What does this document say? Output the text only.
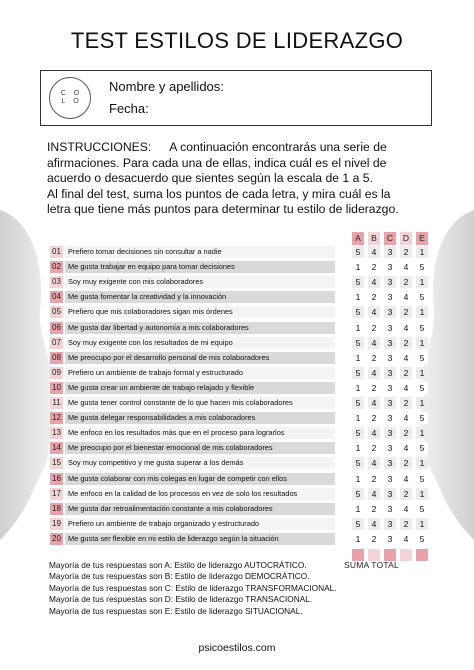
TEST ESTILOS DE LIDERAZGO
C O
L O
Nombre y apellidos:
Fecha:

INSTRUCCIONES: A continuación encontrarás una serie de

afirmaciones. Para cada una de ellas, indica cuál es el nivel de

acuerdo o desacuerdo que sientes según la escala de 1 a 5.

Al final del test, suma los puntos de cada letra, y mira cuál es la

letra que tiene más puntos para determinar tu estilo de liderazgo.

A	B	C	D	E
01 Prefiero tomar decisiones sin consultar a nadie	5	4	3	2	1
02 Me gusta trabajar en equipo para tomar decisiones	1	2	3	4	5
03 Soy muy exigente con mis colaboradores	5	4	3	2	1
04 Me gusta fomentar la creatividad y la innovación	1	2	3	4	5
05 Prefiero que mis colaboradores sigan mis órdenes	5	4	3	2	1
06 Me gusta dar libertad y autonomía a mis colaboradores	1	2	3	4	5
07 Soy muy exigente con los resultados de mi equipo	5	4	3	2	1
08 Me preocupo por el desarrollo personal de mis colaboradores	1	2	3	4	5
09 Prefiero un ambiente de trabajo formal y estructurado	5	4	3	2	1
10 Me gusta crear un ambiente de trabajo relajado y flexible	1	2	3	4	5
11 Me gusta tener control constante de lo que hacen mis colaboradores	5	4	3	2	1
12 Me gusta delegar responsabilidades a mis colaboradores	1	2	3	4	5
13 Me enfoco en los resultados más que en el proceso para lograrlos	5	4	3	2	1
14 Me preocupo por el bienestar emocional de mis colaboradores	1	2	3	4	5
15 Soy muy competitivo y me gusta superar a los demás	5	4	3	2	1
16 Me gusta colaborar con mis colegas en lugar de competir con ellos	1	2	3	4	5
17 Me enfoco en la calidad de los procesos en vez de solo los resultados	5	4	3	2	1
18 Me gusta dar retroalimentación constante a mis colaboradores	1	2	3	4	5
19 Prefiero un ambiente de trabajo organizado y estructurado	5	4	3	2	1
20 Me gusta ser flexible en mi estilo de liderazgo según la situación	1	2	3	4	5
SUMA TOTAL
Mayoría de tus respuestas son A: Estilo de liderazgo AUTOCRÁTICO.
Mayoría de tus respuestas son B: Estilo de liderazgo DEMOCRÁTICO.
Mayoría de tus respuestas son C: Estilo de liderazgo TRANSFORMACIONAL.
Mayoría de tus respuestas son D: Estilo de liderazgo TRANSACIONAL.
Mayoría de tus respuestas son E: Estilo de liderazgo SITUACIONAL.
psicoestilos.com
